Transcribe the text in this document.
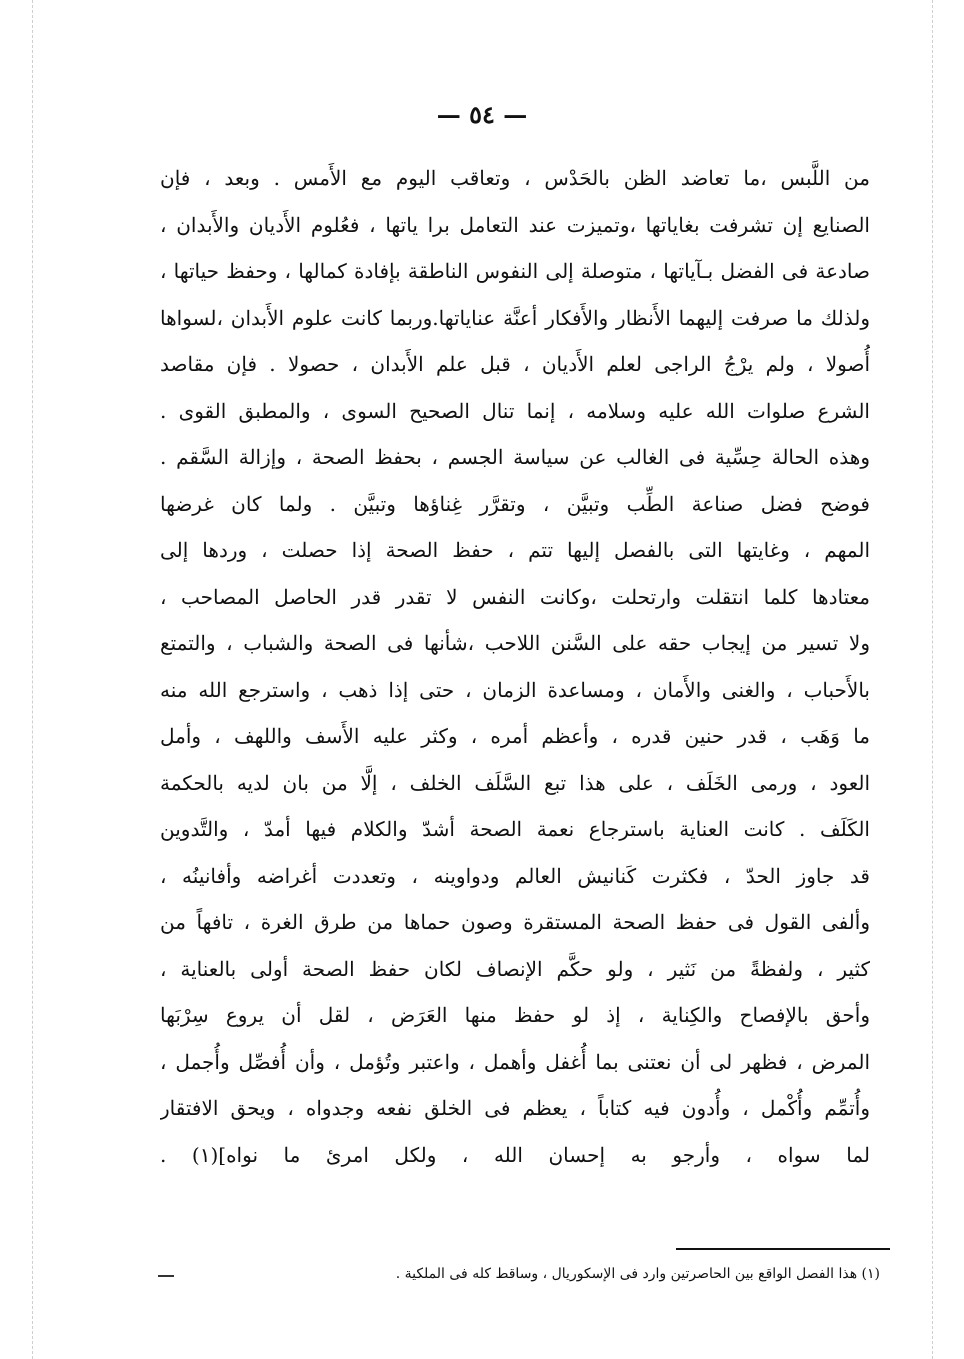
— ٥٤ —
من اللَّبس ،ما تعاضد الظن بالحَدْس ، وتعاقب اليوم مع الأَمس . وبعد ، فإن
الصنايع إن تشرفت بغاياتها ،وتميزت عند التعامل برا ياتها ، فعُلوم الأَديان والأَبدان ،
صادعة فى الفضل بـآياتها ، متوصلة إلى النفوس الناطقة بإفادة كمالها ، وحفظ حياتها ،
ولذلك ما صرفت إليهما الأَنظار والأَفكار أعنَّة عناياتها.وربما كانت علوم الأَبدان ،لسواها
أُصولا ، ولم يرْجُ الراجى لعلم الأَديان ، قبل علم الأَبدان ، حصولا . فإن مقاصد
الشرع صلوات الله عليه وسلامه ، إنما تنال الصحيح السوى ، والمطبق القوى .
وهذه الحالة حِسِّية فى الغالب عن سياسة الجسم ، بحفظ الصحة ، وإزالة السَّقم .
فوضح فضل صناعة الطِّب وتبيَّن ، وتقرَّر غِناؤها وتبيَّن . ولما كان غرضها
المهم ، وغايتها التى بالفصل إليها تتم ، حفظ الصحة إذا حصلت ، وردها إلى
معتادها كلما انتقلت وارتحلت ،وكانت النفس لا تقدر قدر الحاصل المصاحب ،
ولا تسير من إيجاب حقه على السَّنن اللاحب ،شأنها فى الصحة والشباب ، والتمتع
بالأَحباب ، والغنى والأَمان ، ومساعدة الزمان ، حتى إذا ذهب ، واسترجع الله منه
ما وَهَب ، قدر حنين قدره ، وأعظم أمره ، وكثر عليه الأَسف واللهف ، وأمل
العود ، ورمى الخَلَف ، على هذا تبع السَّلَف الخلف ، إلَّا من بان لديه بالحكمة
الكَلَف . كانت العناية باسترجاع نعمة الصحة أشدّ والكلام فيها أمدّ ، والتَّدوين
قد جاوز الحدّ ، فكثرت كَنانيش العالم ودواوينه ، وتعددت أغراضه وأفانينُه ،
وألفى القول فى حفظ الصحة المستقرة وصون حماها من طرق الغرة ، تافهاً من
كثير ، ولفظةً من نَثير ، ولو حكَّم الإنصاف لكان حفظ الصحة أولى بالعناية ،
وأحق بالإفصاح والكِناية ، إذ لو حفظ منها العَرَض ، لقل أن يروع سِرْبَها
المرض ، فظهر لى أن نعتنى بما أُغفل وأهمل ، واعتبر وتُؤمل ، وأن أُفصِّل وأُجمل ،
وأُتمِّم وأُكْمل ، وأُدون فيه كتاباً ، يعظم فى الخلق نفعه وجدواه ، ويحق الافتقار
لما سواه ، وأرجو به إحسان الله ، ولكل امرئ ما نواه](١) .
(١) هذا الفصل الواقع بين الحاصرتين وارد فى الإسكوريال ، وساقط كله فى الملكية .
